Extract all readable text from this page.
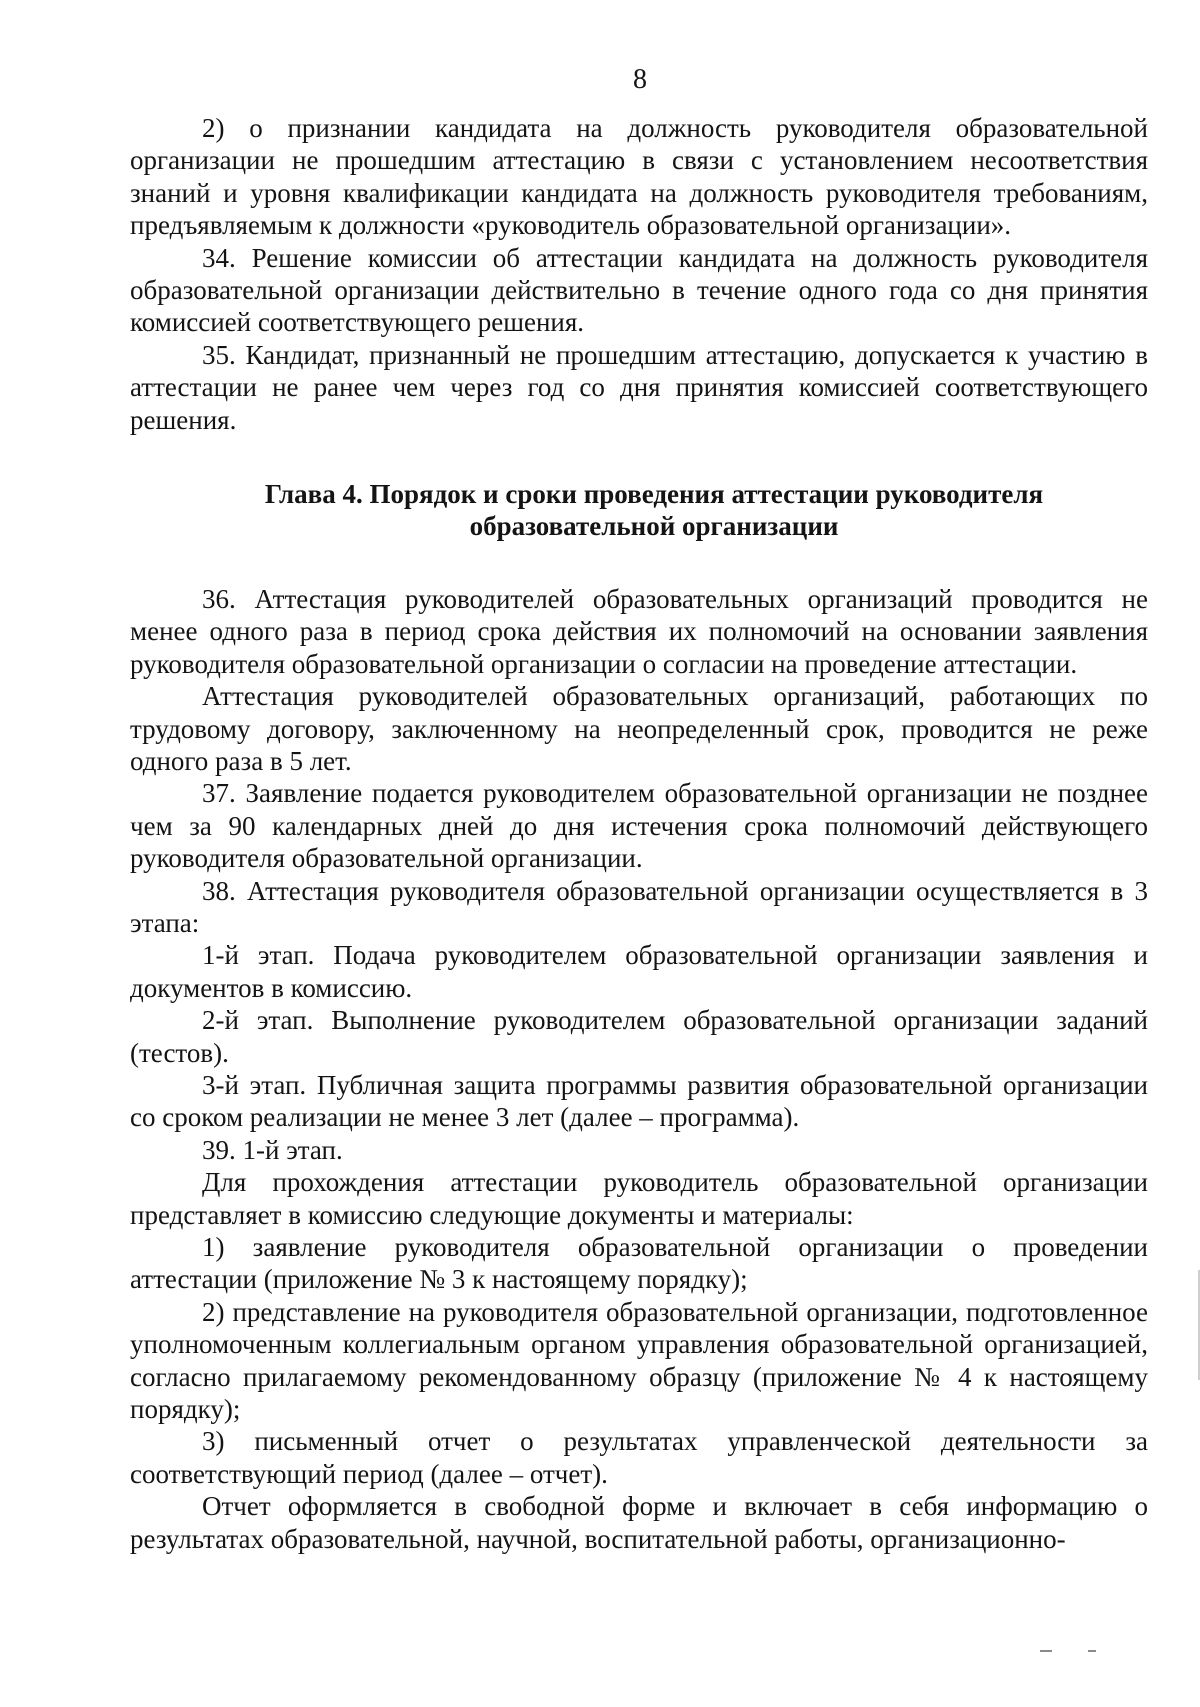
8

2) о признании кандидата на должность руководителя образовательной организации не прошедшим аттестацию в связи с установлением несоответствия знаний и уровня квалификации кандидата на должность руководителя требованиям, предъявляемым к должности «руководитель образовательной организации».

34. Решение комиссии об аттестации кандидата на должность руководителя образовательной организации действительно в течение одного года со дня принятия комиссией соответствующего решения.

35. Кандидат, признанный не прошедшим аттестацию, допускается к участию в аттестации не ранее чем через год со дня принятия комиссией соответствующего решения.

Глава 4. Порядок и сроки проведения аттестации руководителя
образовательной организации

36. Аттестация руководителей образовательных организаций проводится не менее одного раза в период срока действия их полномочий на основании заявления руководителя образовательной организации о согласии на проведение аттестации.

Аттестация руководителей образовательных организаций, работающих по трудовому договору, заключенному на неопределенный срок, проводится не реже одного раза в 5 лет.

37. Заявление подается руководителем образовательной организации не позднее чем за 90 календарных дней до дня истечения срока полномочий действующего руководителя образовательной организации.

38. Аттестация руководителя образовательной организации осуществляется в 3 этапа:

1-й этап. Подача руководителем образовательной организации заявления и документов в комиссию.

2-й этап. Выполнение руководителем образовательной организации заданий (тестов).

3-й этап. Публичная защита программы развития образовательной организации со сроком реализации не менее 3 лет (далее – программа).

39. 1-й этап.

Для прохождения аттестации руководитель образовательной организации представляет в комиссию следующие документы и материалы:

1) заявление руководителя образовательной организации о проведении аттестации (приложение № 3 к настоящему порядку);

2) представление на руководителя образовательной организации, подготовленное уполномоченным коллегиальным органом управления образовательной организацией, согласно прилагаемому рекомендованному образцу (приложение № 4 к настоящему порядку);

3) письменный отчет о результатах управленческой деятельности за соответствующий период (далее – отчет).

Отчет оформляется в свободной форме и включает в себя информацию о результатах образовательной, научной, воспитательной работы, организационно-
